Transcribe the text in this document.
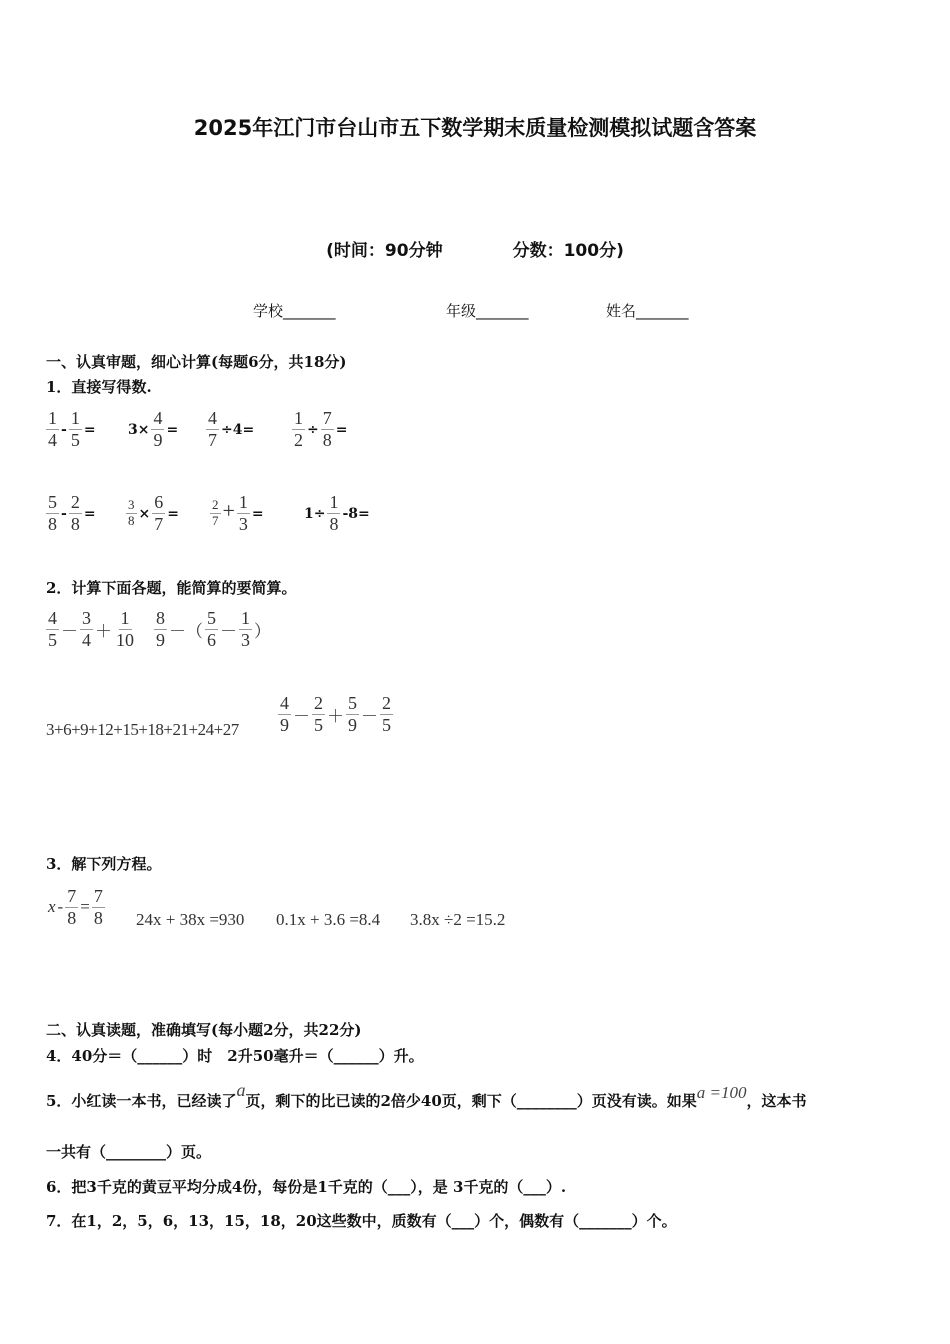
2025年江门市台山市五下数学期末质量检测模拟试题含答案
(时间：90分钟	分数：100分)
学校_______	年级_______	姓名_______
一、认真审题，细心计算(每题6分，共18分)
1．直接写得数.
$\frac{1}{4} - \frac{1}{5} = 3\times \frac{4}{9} = \frac{4}{7} \div 4= \frac{1}{2} \div \frac{7}{8}$ =
$\frac{5}{8} - \frac{2}{8} = \frac{3}{8} \times \frac{6}{7} = \frac{2}{7} + \frac{1}{3}$ =	$1\div \frac{1}{8} -8=$
2．计算下面各题，能简算的要简算。
4
5 －
3
4 ＋
1
10
8
9 －（
5
6 －
1
3 ）
3+6+9+12+15+18+21+24+27
4
9 －
2
5 ＋
5
9 －
2
5
3．解下列方程。
$x - \frac{7}{8} = \frac{7}{8} 24x + 38x =930$ 0.1x + 3.6 =8.4 3.8x ÷2 =15.2
二、认真读题，准确填写(每小题2分，共22分)
4．40分＝（______）时　2升50毫升＝（______）升。
5．小红读一本书，已经读了a页，剩下的比已读的2倍少40页，剩下（________）页没有读。如果a =100，这本书
一共有（________）页。
6．把3千克的黄豆平均分成4份，每份是1千克的（___），是 3千克的（___）.
7．在1，2，5，6，13，15，18，20这些数中，质数有（___）个，偶数有（_______）个。
